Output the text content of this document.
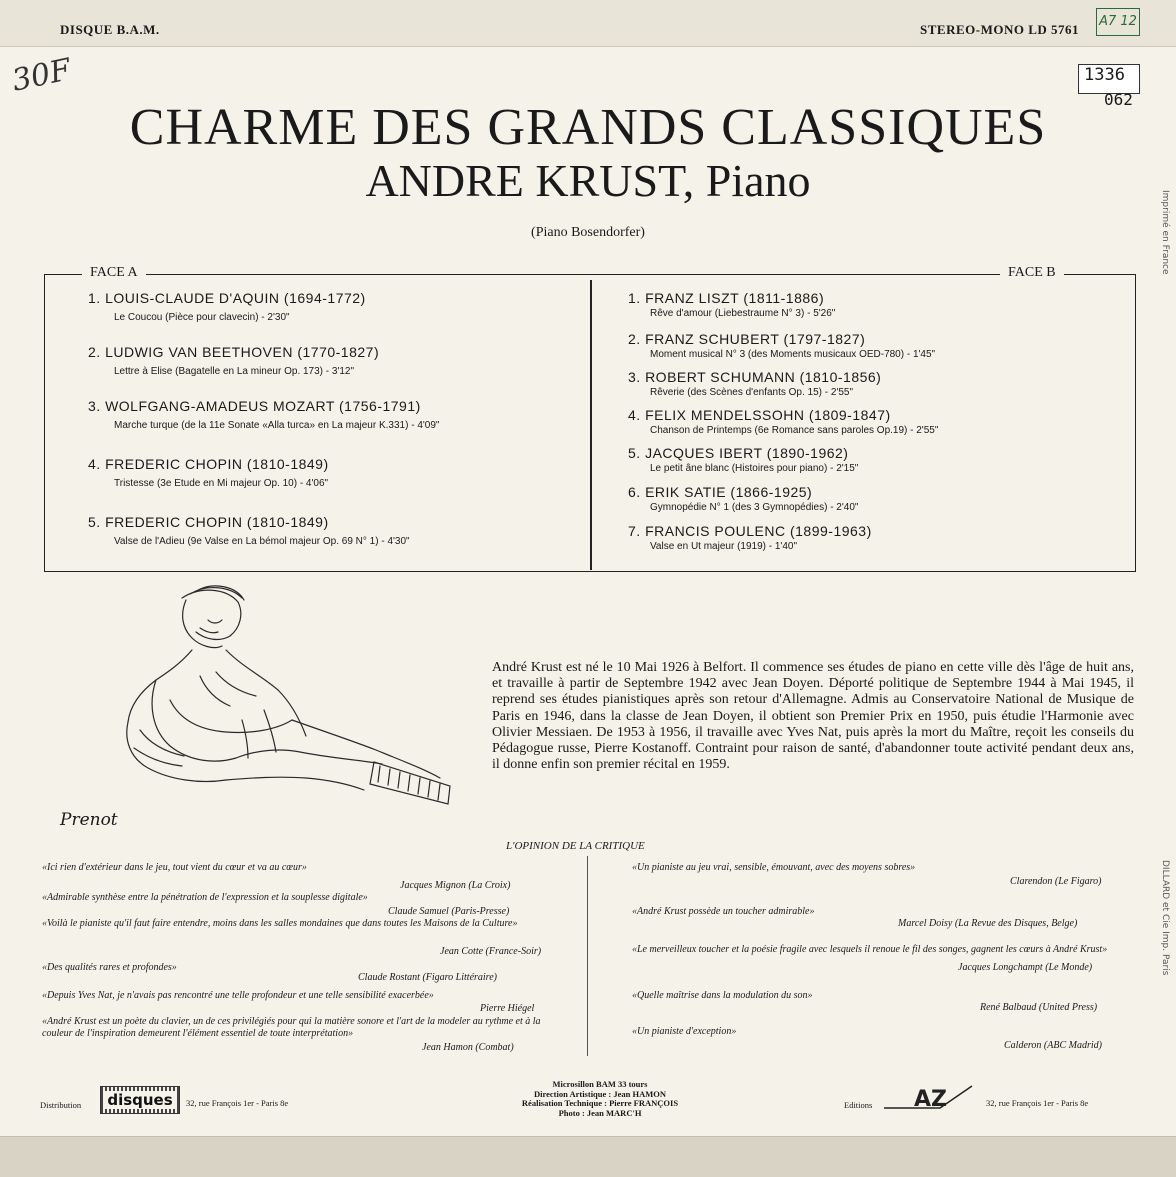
DISQUE B.A.M.	STEREO-MONO LD 5761
A7 12
30F	1336
062
Imprimé en France
DILLARD et Cie Imp. Paris
CHARME DES GRANDS CLASSIQUES
ANDRE KRUST, Piano
(Piano Bosendorfer)
FACE A	FACE B
1. LOUIS-CLAUDE D'AQUIN (1694-1772)
Le Coucou (Pièce pour clavecin) - 2'30"
2. LUDWIG VAN BEETHOVEN (1770-1827)
Lettre à Elise (Bagatelle en La mineur Op. 173) - 3'12"
3. WOLFGANG-AMADEUS MOZART (1756-1791)
Marche turque (de la 11e Sonate «Alla turca» en La majeur K.331) - 4'09"
4. FREDERIC CHOPIN (1810-1849)
Tristesse (3e Etude en Mi majeur Op. 10) - 4'06"
5. FREDERIC CHOPIN (1810-1849)
Valse de l'Adieu (9e Valse en La bémol majeur Op. 69 N° 1) - 4'30"
1. FRANZ LISZT (1811-1886)
Rêve d'amour (Liebestraume N° 3) - 5'26"
2. FRANZ SCHUBERT (1797-1827)
Moment musical N° 3 (des Moments musicaux OED-780) - 1'45"
3. ROBERT SCHUMANN (1810-1856)
Rêverie (des Scènes d'enfants Op. 15) - 2'55"
4. FELIX MENDELSSOHN (1809-1847)
Chanson de Printemps (6e Romance sans paroles Op.19) - 2'55"
5. JACQUES IBERT (1890-1962)
Le petit âne blanc (Histoires pour piano) - 2'15"
6. ERIK SATIE (1866-1925)
Gymnopédie N° 1 (des 3 Gymnopédies) - 2'40"
7. FRANCIS POULENC (1899-1963)
Valse en Ut majeur (1919) - 1'40"
Prenot
André Krust est né le 10 Mai 1926 à Belfort. Il commence ses études de piano en cette ville dès l'âge de huit ans, et travaille à partir de Septembre 1942 avec Jean Doyen. Déporté politique de Septembre 1944 à Mai 1945, il reprend ses études pianistiques après son retour d'Allemagne. Admis au Conservatoire National de Musique de Paris en 1946, dans la classe de Jean Doyen, il obtient son Premier Prix en 1950, puis étudie l'Harmonie avec Olivier Messiaen. De 1953 à 1956, il travaille avec Yves Nat, puis après la mort du Maître, reçoit les conseils du Pédagogue russe, Pierre Kostanoff. Contraint pour raison de santé, d'abandonner toute activité pendant deux ans, il donne enfin son premier récital en 1959.
L'OPINION DE LA CRITIQUE
«Ici rien d'extérieur dans le jeu, tout vient du cœur et va au cœur»
Jacques Mignon (La Croix)
«Admirable synthèse entre la pénétration de l'expression et la souplesse digitale»
Claude Samuel (Paris-Presse)
«Voilà le pianiste qu'il faut faire entendre, moins dans les salles mondaines que dans toutes les Maisons de la Culture»
Jean Cotte (France-Soir)
«Des qualités rares et profondes»
Claude Rostant (Figaro Littéraire)
«Depuis Yves Nat, je n'avais pas rencontré une telle profondeur et une telle sensibilité exacerbée»
Pierre Hiégel
«André Krust est un poète du clavier, un de ces privilégiés pour qui la matière sonore et l'art de la modeler au rythme et à la couleur de l'inspiration demeurent l'élément essentiel de toute interprétation»
Jean Hamon (Combat)
«Un pianiste au jeu vrai, sensible, émouvant, avec des moyens sobres»
Clarendon (Le Figaro)
«André Krust possède un toucher admirable»
Marcel Doisy (La Revue des Disques, Belge)
«Le merveilleux toucher et la poésie fragile avec lesquels il renoue le fil des songes, gagnent les cœurs à André Krust»
Jacques Longchampt (Le Monde)
«Quelle maîtrise dans la modulation du son»
René Balbaud (United Press)
«Un pianiste d'exception»
Calderon (ABC Madrid)
Distribution	disques	32, rue François 1er - Paris 8e
Microsillon BAM 33 tours
Direction Artistique : Jean HAMON
Réalisation Technique : Pierre FRANÇOIS
Photo : Jean MARC'H
Editions AZ	32, rue François 1er - Paris 8e
